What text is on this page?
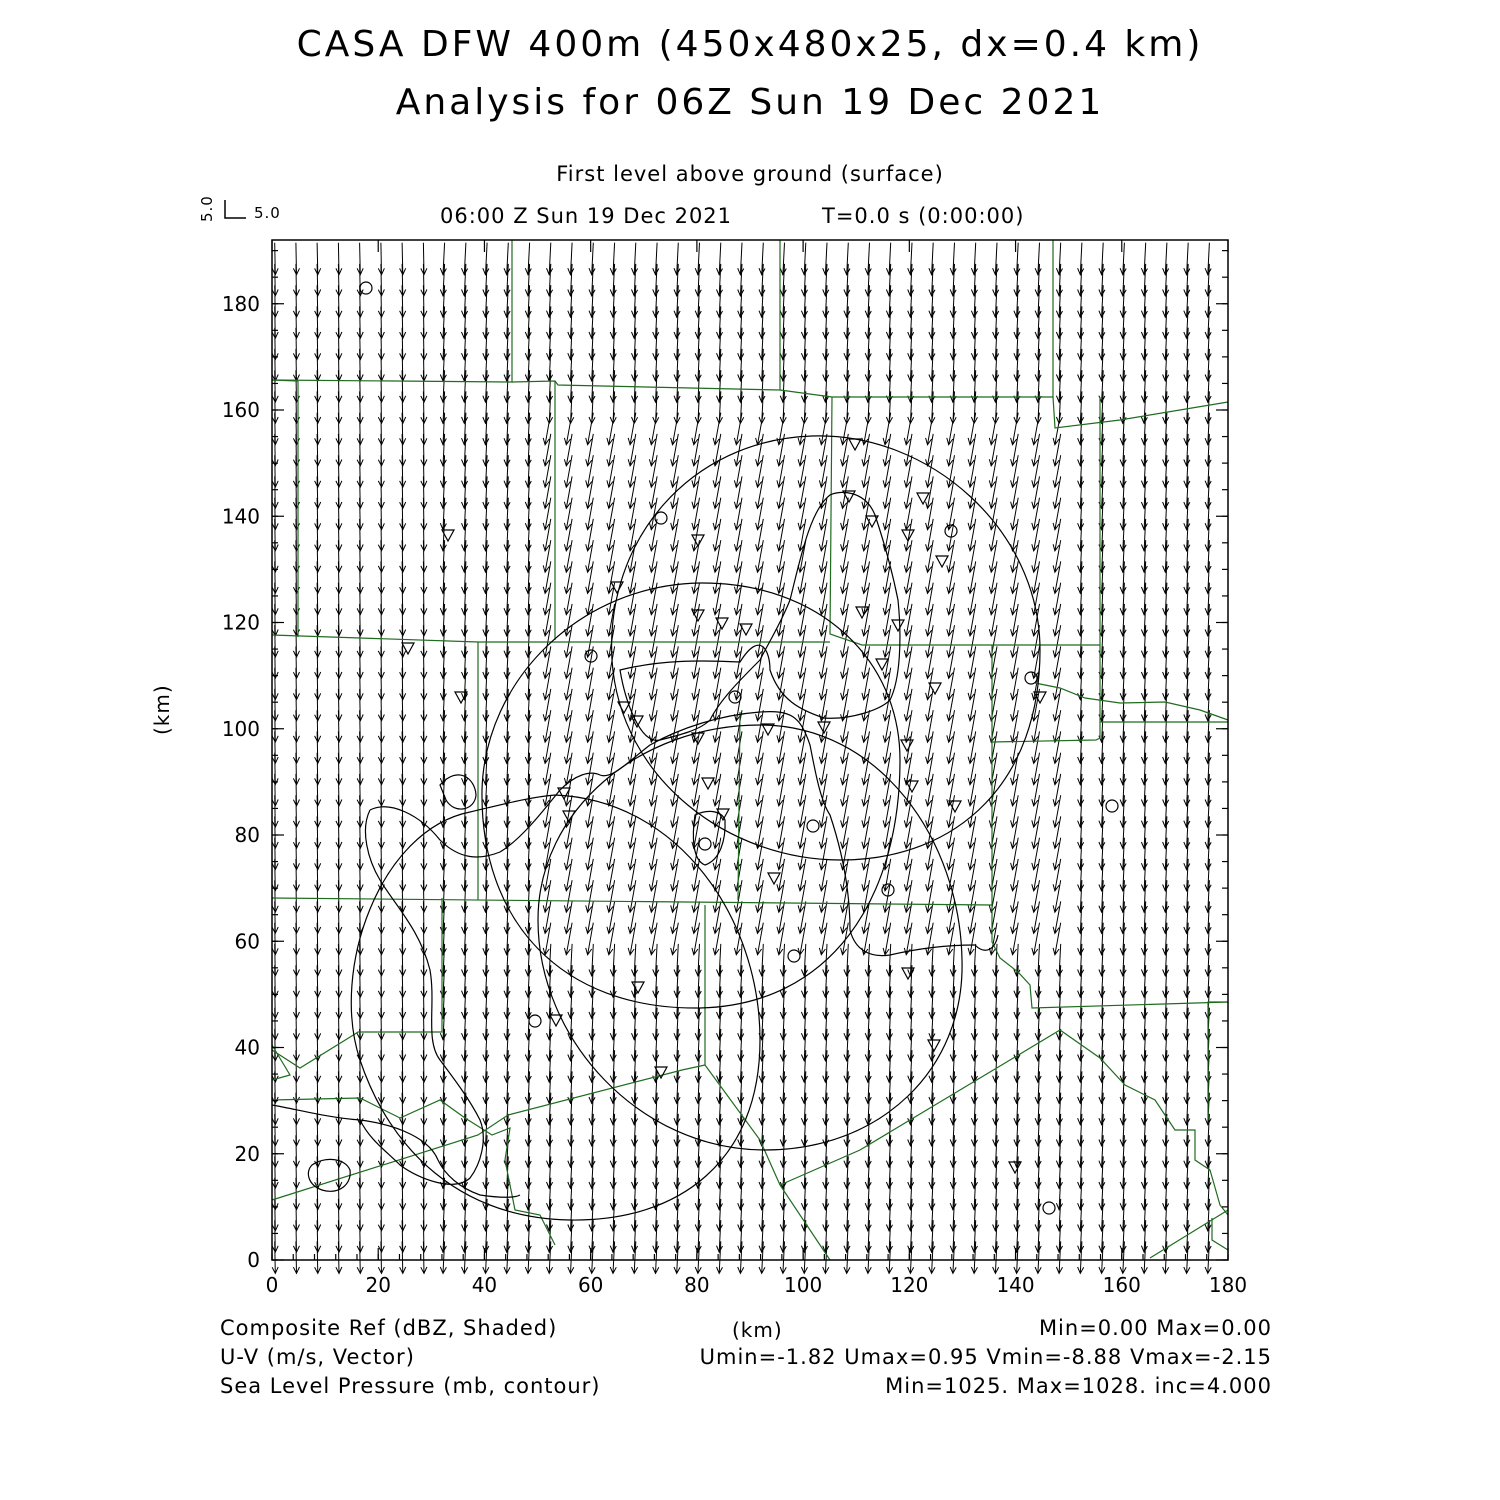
CASA DFW 400m (450x480x25, dx=0.4 km)
Analysis for 06Z Sun 19 Dec 2021
First level above ground (surface)
06:00 Z Sun 19 Dec 2021	T=0.0 s (0:00:00)
5.0	5.0
(km)
(km)
Composite Ref (dBZ, Shaded)
U-V (m/s, Vector)
Sea Level Pressure (mb, contour)
Min=0.00 Max=0.00
Umin=-1.82 Umax=0.95 Vmin=-8.88 Vmax=-2.15
Min=1025. Max=1028. inc=4.000
0	20	40	60	80	100	120	140	160	180
0
20
40
60
80
100
120
140
160
180
